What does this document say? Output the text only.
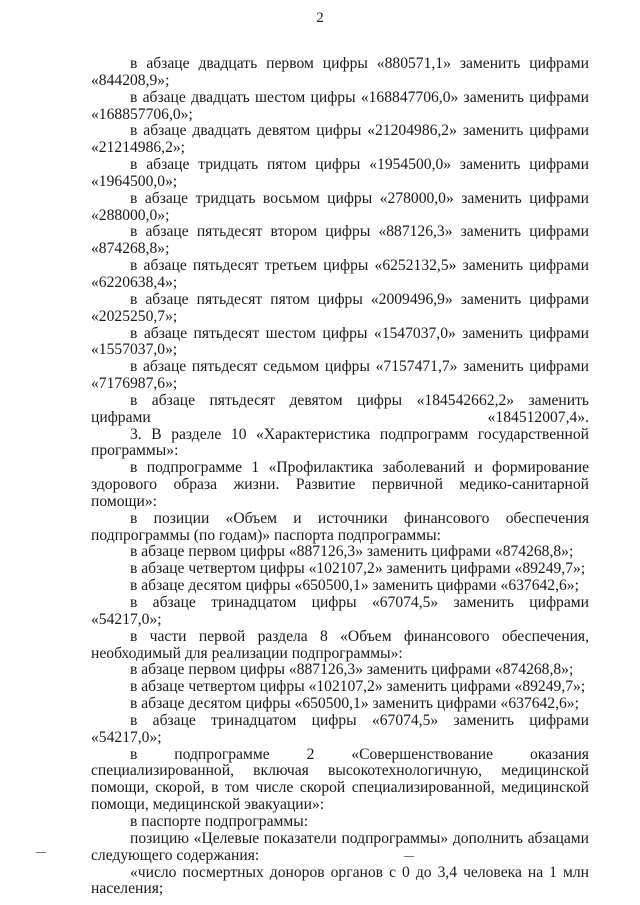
2

в абзаце двадцать первом цифры «880571,1» заменить цифрами «844208,9»;

в абзаце двадцать шестом цифры «168847706,0» заменить цифрами «168857706,0»;

в абзаце двадцать девятом цифры «21204986,2» заменить цифрами «21214986,2»;

в абзаце тридцать пятом цифры «1954500,0» заменить цифрами «1964500,0»;

в абзаце тридцать восьмом цифры «278000,0» заменить цифрами «288000,0»;

в абзаце пятьдесят втором цифры «887126,3» заменить цифрами «874268,8»;

в абзаце пятьдесят третьем цифры «6252132,5» заменить цифрами «6220638,4»;

в абзаце пятьдесят пятом цифры «2009496,9» заменить цифрами «2025250,7»;

в абзаце пятьдесят шестом цифры «1547037,0» заменить цифрами «1557037,0»;

в абзаце пятьдесят седьмом цифры «7157471,7» заменить цифрами «7176987,6»;

в абзаце пятьдесят девятом цифры «184542662,2» заменить цифрами «184512007,4».

3. В разделе 10 «Характеристика подпрограмм государственной программы»:

в подпрограмме 1 «Профилактика заболеваний и формирование здорового образа жизни. Развитие первичной медико-санитарной помощи»:

в позиции «Объем и источники финансового обеспечения подпрограммы (по годам)» паспорта подпрограммы:

в абзаце первом цифры «887126,3» заменить цифрами «874268,8»;

в абзаце четвертом цифры «102107,2» заменить цифрами «89249,7»;

в абзаце десятом цифры «650500,1» заменить цифрами «637642,6»;

в абзаце тринадцатом цифры «67074,5» заменить цифрами «54217,0»;

в части первой раздела 8 «Объем финансового обеспечения, необходимый для реализации подпрограммы»:

в абзаце первом цифры «887126,3» заменить цифрами «874268,8»;

в абзаце четвертом цифры «102107,2» заменить цифрами «89249,7»;

в абзаце десятом цифры «650500,1» заменить цифрами «637642,6»;

в абзаце тринадцатом цифры «67074,5» заменить цифрами «54217,0»;

в подпрограмме 2 «Совершенствование оказания специализированной, включая высокотехнологичную, медицинской помощи, скорой, в том числе скорой специализированной, медицинской помощи, медицинской эвакуации»:

в паспорте подпрограммы:

позицию «Целевые показатели подпрограммы» дополнить абзацами следующего содержания:

«число посмертных доноров органов с 0 до 3,4 человека на 1 млн населения;
